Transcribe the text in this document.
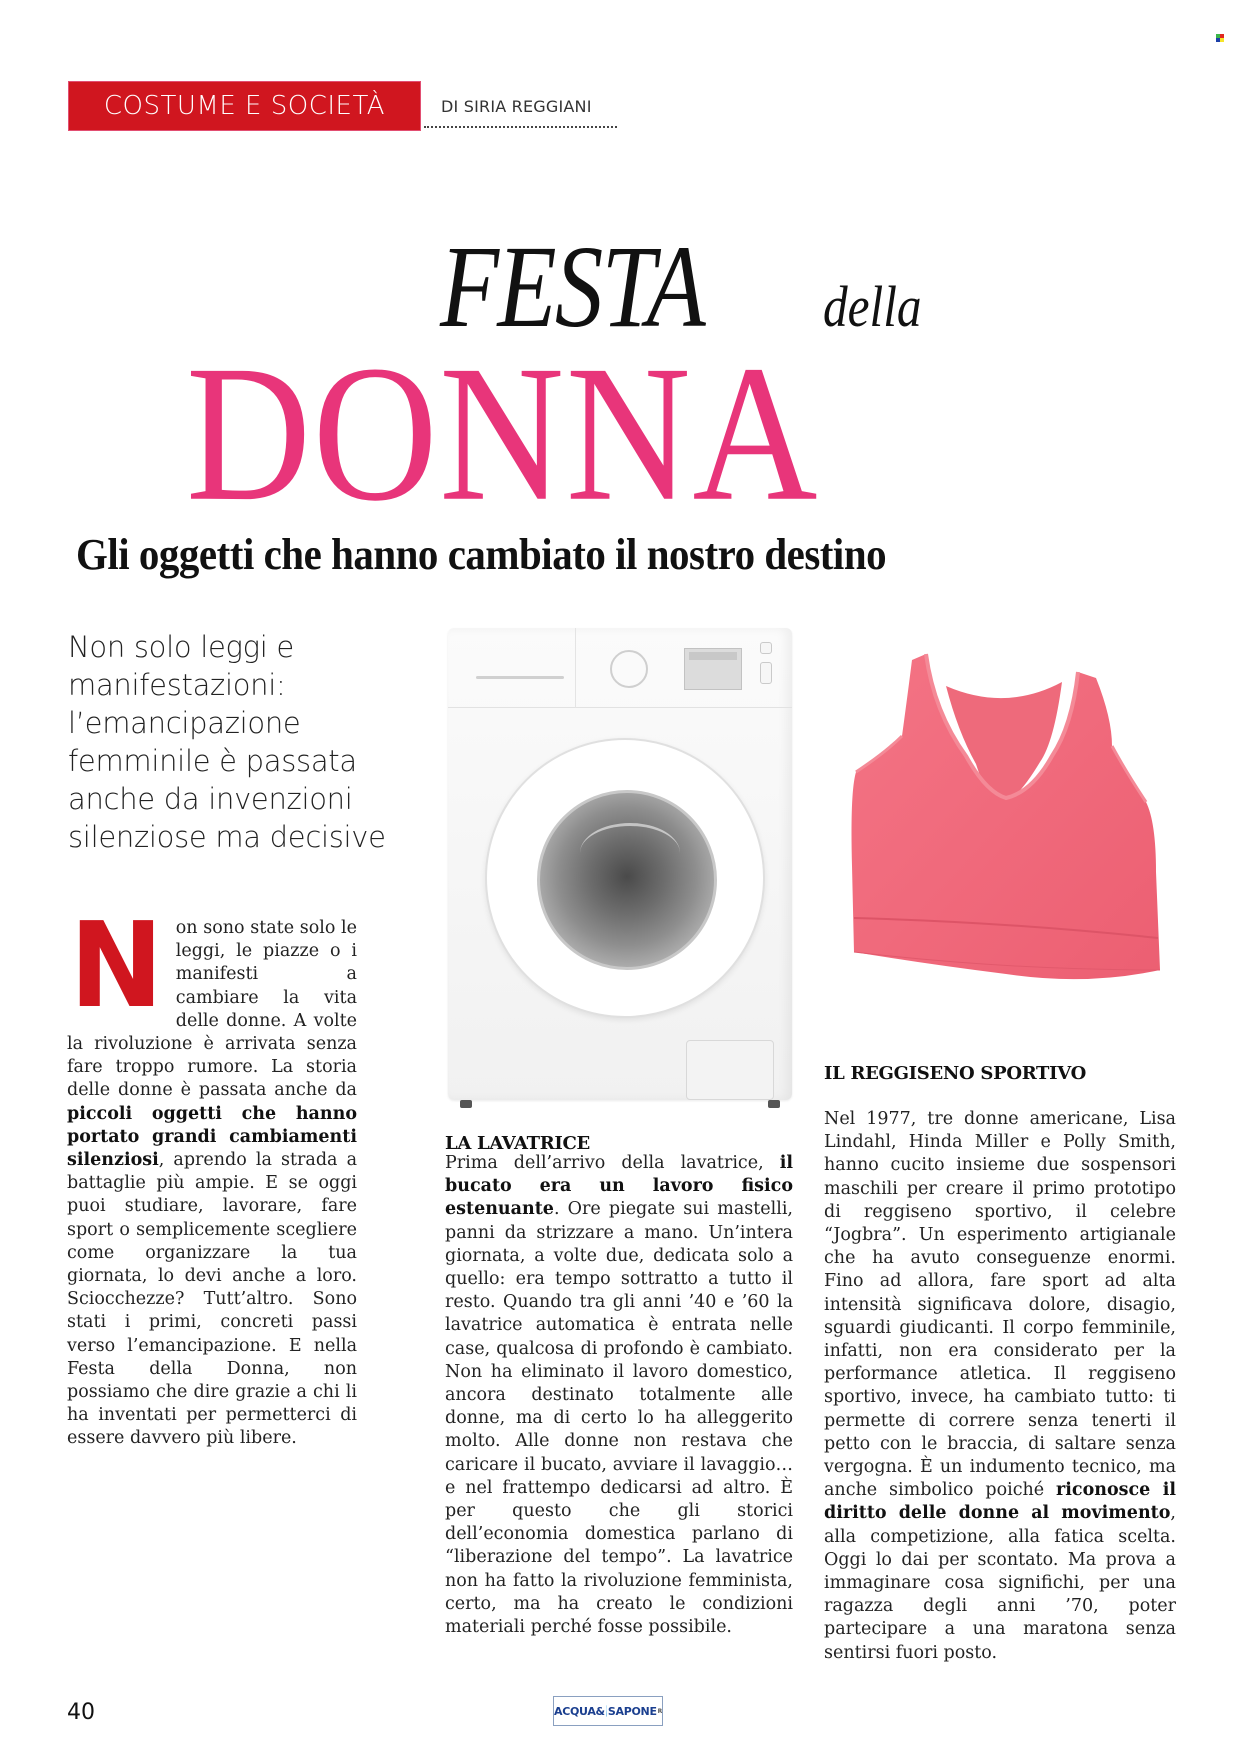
COSTUME E SOCIETÀ	DI SIRIA REGGIANI
FESTA della
DONNA
Gli oggetti che hanno cambiato il nostro destino
Non solo leggi e manifestazioni: l’emancipazione femminile è passata anche da invenzioni silenziose ma decisive
N on sono state solo le leggi, le piazze o i manifesti a cambiare la vita delle donne. A volte la rivoluzione è arrivata senza fare troppo rumore. La storia delle donne è passata anche da piccoli oggetti che hanno portato grandi cambiamenti silenziosi, aprendo la strada a battaglie più ampie. E se oggi puoi studiare, lavorare, fare sport o semplicemente scegliere come organizzare la tua giornata, lo devi anche a loro. Sciocchezze? Tutt’altro. Sono stati i primi, concreti passi verso l’emancipazione. E nella Festa della Donna, non possiamo che dire grazie a chi li ha inventati per permetterci di essere davvero più libere.
LA LAVATRICE
IL REGGISENO SPORTIVO
Prima dell’arrivo della lavatrice, il bucato era un lavoro fisico estenuante. Ore piegate sui mastelli, panni da strizzare a mano. Un’intera giornata, a volte due, dedicata solo a quello: era tempo sottratto a tutto il resto. Quando tra gli anni ’40 e ’60 la lavatrice automatica è entrata nelle case, qualcosa di profondo è cambiato. Non ha eliminato il lavoro domestico, ancora destinato totalmente alle donne, ma di certo lo ha alleggerito molto. Alle donne non restava che caricare il bucato, avviare il lavaggio… e nel frattempo dedicarsi ad altro. È per questo che gli storici dell’economia domestica parlano di “liberazione del tempo”. La lavatrice non ha fatto la rivoluzione femminista, certo, ma ha creato le condizioni materiali perché fosse possibile.
Nel 1977, tre donne americane, Lisa Lindahl, Hinda Miller e Polly Smith, hanno cucito insieme due sospensori maschili per creare il primo prototipo di reggiseno sportivo, il celebre “Jogbra”. Un esperimento artigianale che ha avuto conseguenze enormi. Fino ad allora, fare sport ad alta intensità significava dolore, disagio, sguardi giudicanti. Il corpo femminile, infatti, non era considerato per la performance atletica. Il reggiseno sportivo, invece, ha cambiato tutto: ti permette di correre senza tenerti il petto con le braccia, di saltare senza vergogna. È un indumento tecnico, ma anche simbolico poiché riconosce il diritto delle donne al movimento, alla competizione, alla fatica scelta. Oggi lo dai per scontato. Ma prova a immaginare cosa significhi, per una ragazza degli anni ’70, poter partecipare a una maratona senza sentirsi fuori posto.
40	ACQUA& SAPONE R
